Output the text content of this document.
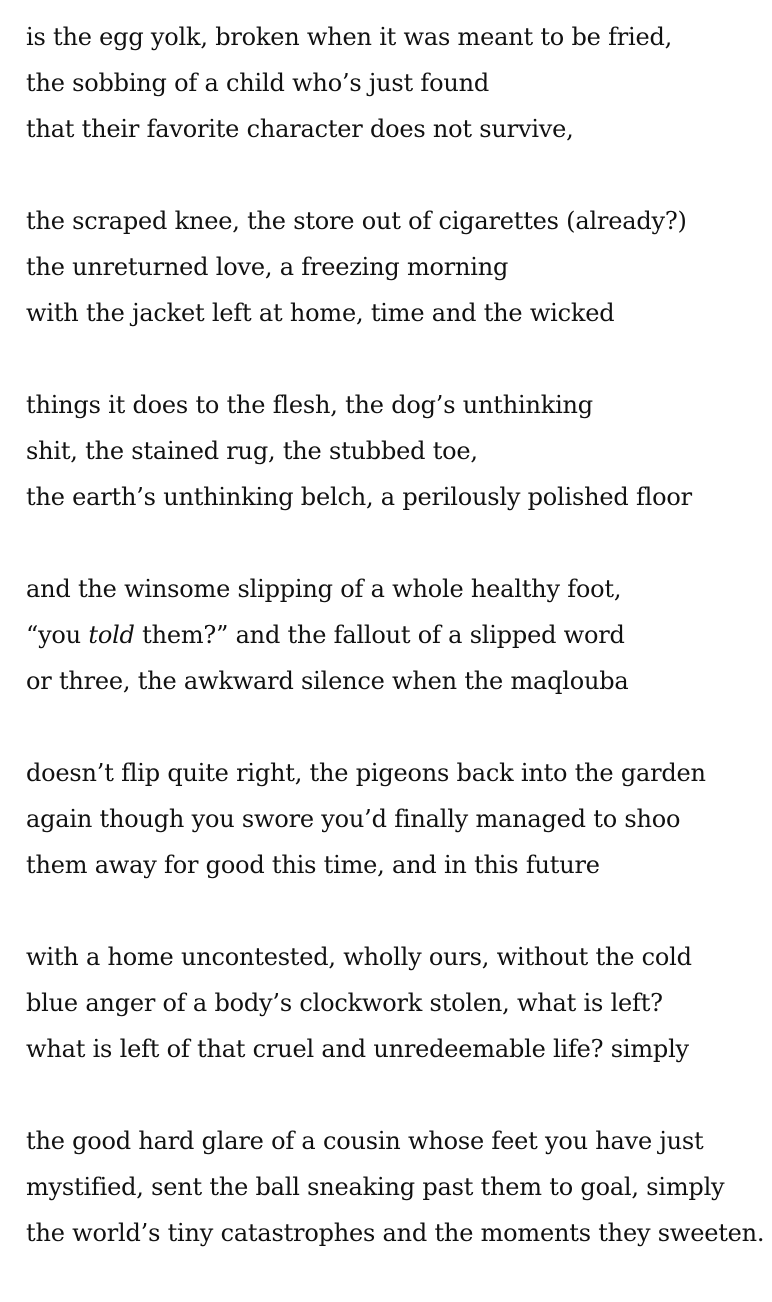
is the egg yolk, broken when it was meant to be fried,
the sobbing of a child who’s just found
that their favorite character does not survive,
the scraped knee, the store out of cigarettes (already?)
the unreturned love, a freezing morning
with the jacket left at home, time and the wicked
things it does to the flesh, the dog’s unthinking
shit, the stained rug, the stubbed toe,
the earth’s unthinking belch, a perilously polished floor
and the winsome slipping of a whole healthy foot,
“you told them?” and the fallout of a slipped word
or three, the awkward silence when the maqlouba
doesn’t flip quite right, the pigeons back into the garden
again though you swore you’d finally managed to shoo
them away for good this time, and in this future
with a home uncontested, wholly ours, without the cold
blue anger of a body’s clockwork stolen, what is left?
what is left of that cruel and unredeemable life? simply
the good hard glare of a cousin whose feet you have just
mystified, sent the ball sneaking past them to goal, simply
the world’s tiny catastrophes and the moments they sweeten.
